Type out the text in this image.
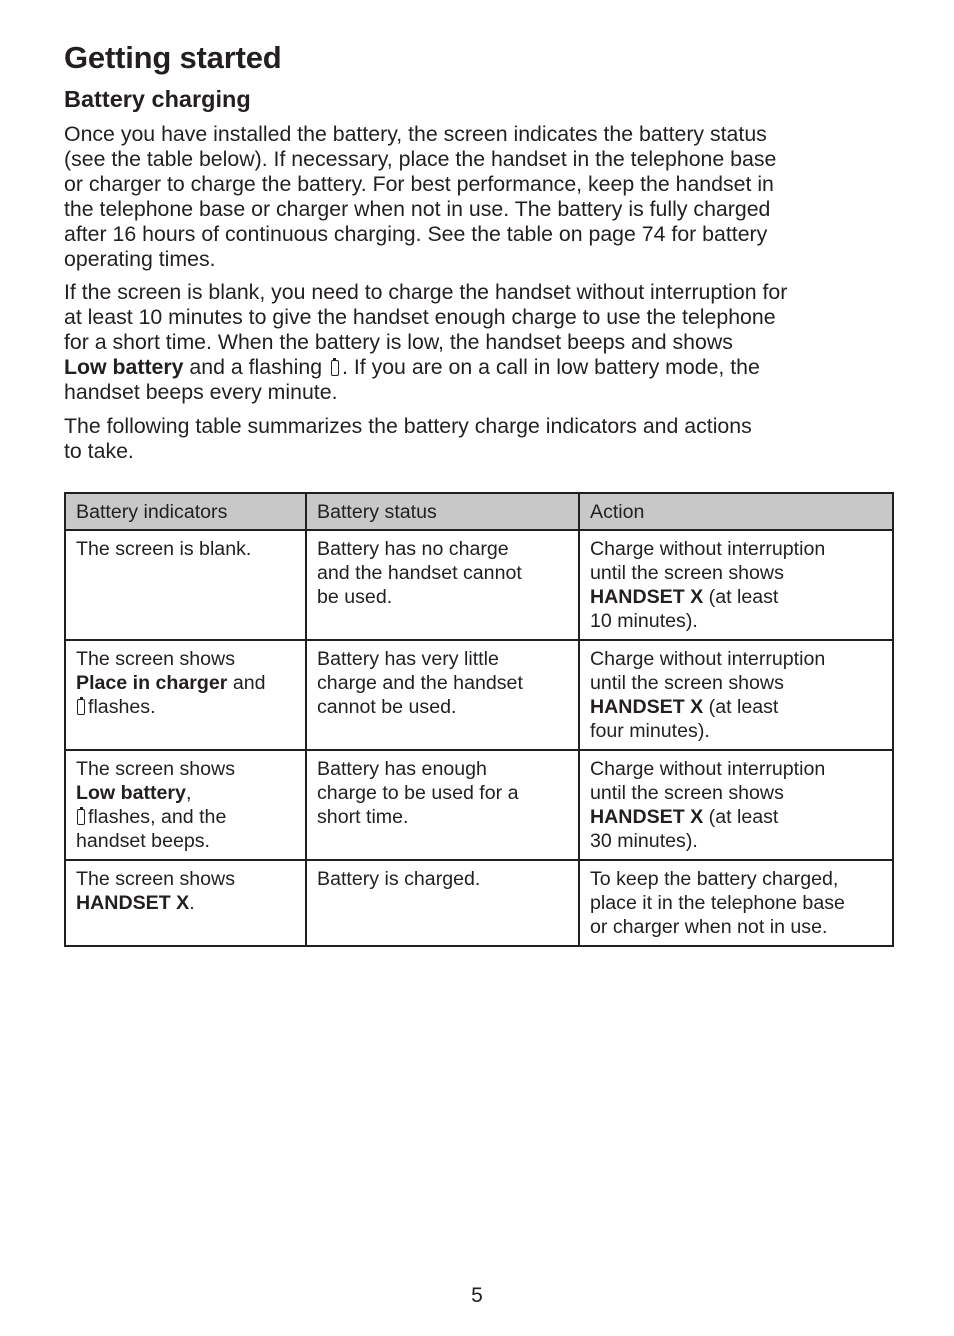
Getting started
Battery charging

Once you have installed the battery, the screen indicates the battery status
(see the table below). If necessary, place the handset in the telephone base
or charger to charge the battery. For best performance, keep the handset in
the telephone base or charger when not in use. The battery is fully charged
after 16 hours of continuous charging. See the table on page 74 for battery
operating times.

If the screen is blank, you need to charge the handset without interruption for
at least 10 minutes to give the handset enough charge to use the telephone
for a short time. When the battery is low, the handset beeps and shows
Low battery and a flashing . If you are on a call in low battery mode, the
handset beeps every minute.

The following table summarizes the battery charge indicators and actions
to take.

Battery indicators	Battery status	Action

The screen is blank.	Battery has no charge
and the handset cannot
be used.	Charge without interruption
until the screen shows
HANDSET X (at least
10 minutes).

The screen shows
Place in charger and
flashes.	Battery has very little
charge and the handset
cannot be used.	Charge without interruption
until the screen shows
HANDSET X (at least
four minutes).

The screen shows
Low battery,
flashes, and the
handset beeps.	Battery has enough
charge to be used for a
short time.	Charge without interruption
until the screen shows
HANDSET X (at least
30 minutes).

The screen shows
HANDSET X.	Battery is charged.	To keep the battery charged,
place it in the telephone base
or charger when not in use.
5
